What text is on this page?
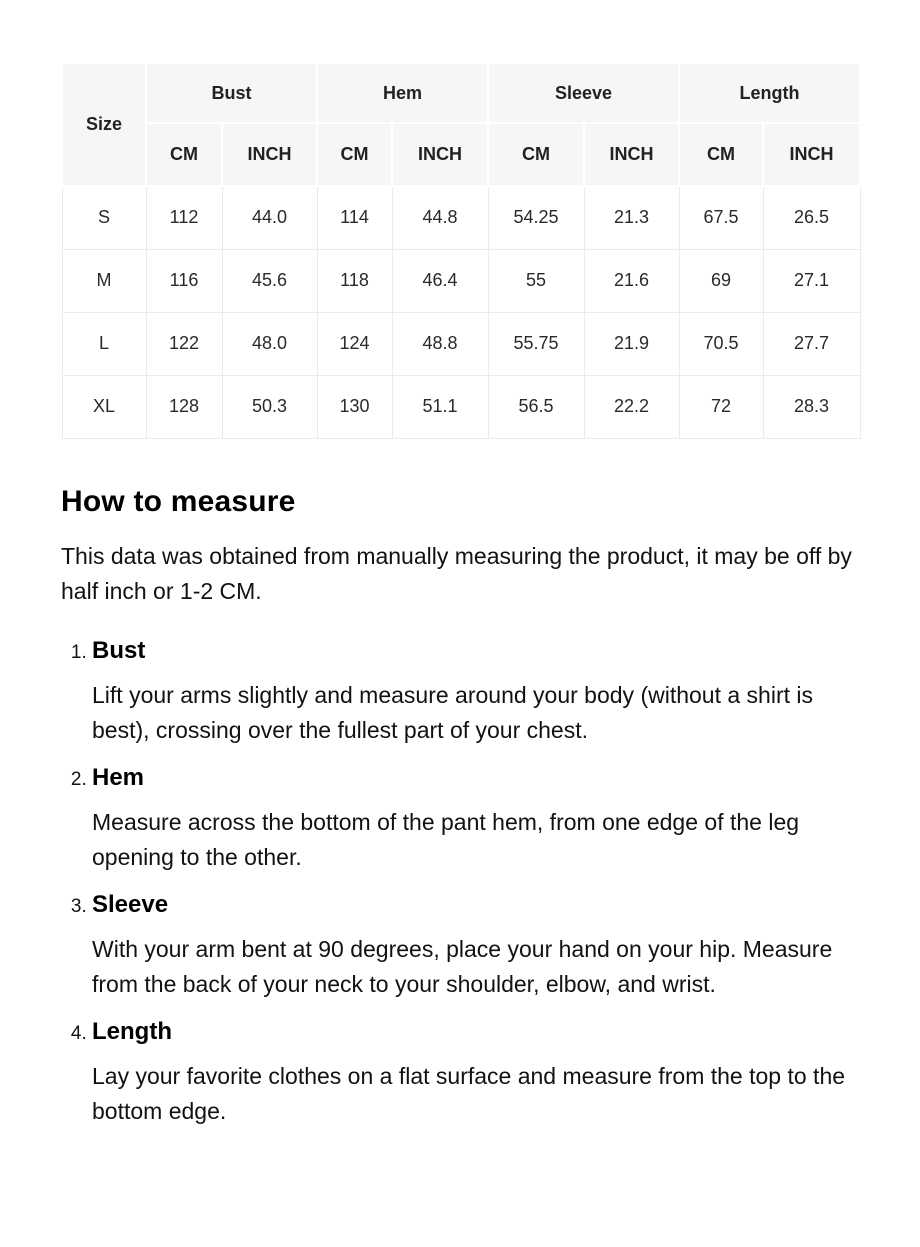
Size	Bust		Hem		Sleeve		Length	
	CM	INCH	CM	INCH	CM	INCH	CM	INCH
S	112	44.0	114	44.8	54.25	21.3	67.5	26.5
M	116	45.6	118	46.4	55	21.6	69	27.1
L	122	48.0	124	48.8	55.75	21.9	70.5	27.7
XL	128	50.3	130	51.1	56.5	22.2	72	28.3
How to measure

This data was obtained from manually measuring the product, it may be off by half inch or 1-2 CM.

1. Bust

Lift your arms slightly and measure around your body (without a shirt is best), crossing over the fullest part of your chest.

2. Hem

Measure across the bottom of the pant hem, from one edge of the leg opening to the other.

3. Sleeve

With your arm bent at 90 degrees, place your hand on your hip. Measure from the back of your neck to your shoulder, elbow, and wrist.

4. Length

Lay your favorite clothes on a flat surface and measure from the top to the bottom edge.
